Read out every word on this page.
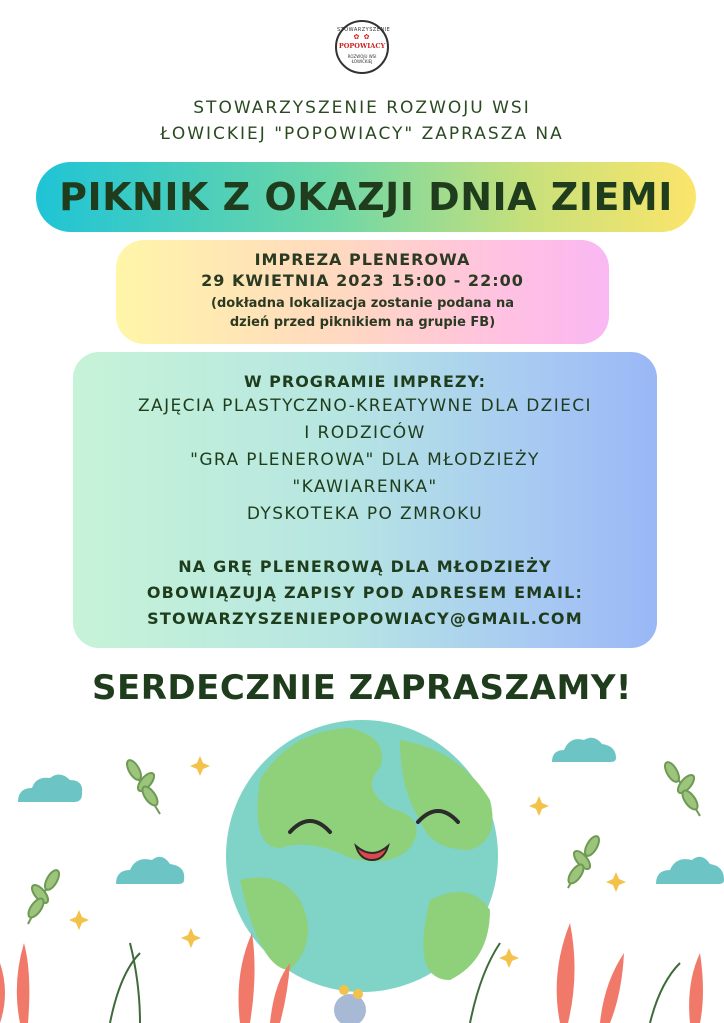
STOWARZYSZENIE
✿ ✿
POPOWIACY
ROZWOJU WSI ŁOWICKIEJ
STOWARZYSZENIE ROZWOJU WSI
ŁOWICKIEJ "POPOWIACY" ZAPRASZA NA
PIKNIK Z OKAZJI DNIA ZIEMI
IMPREZA PLENEROWA
29 KWIETNIA 2023 15:00 - 22:00
(dokładna lokalizacja zostanie podana na
dzień przed piknikiem na grupie FB)
W PROGRAMIE IMPREZY:
ZAJĘCIA PLASTYCZNO-KREATYWNE DLA DZIECI
I RODZICÓW
"GRA PLENEROWA" DLA MŁODZIEŻY
"KAWIARENKA"
DYSKOTEKA PO ZMROKU
NA GRĘ PLENEROWĄ DLA MŁODZIEŻY
OBOWIĄZUJĄ ZAPISY POD ADRESEM EMAIL:
STOWARZYSZENIEPOPOWIACY@GMAIL.COM
SERDECZNIE ZAPRASZAMY!
